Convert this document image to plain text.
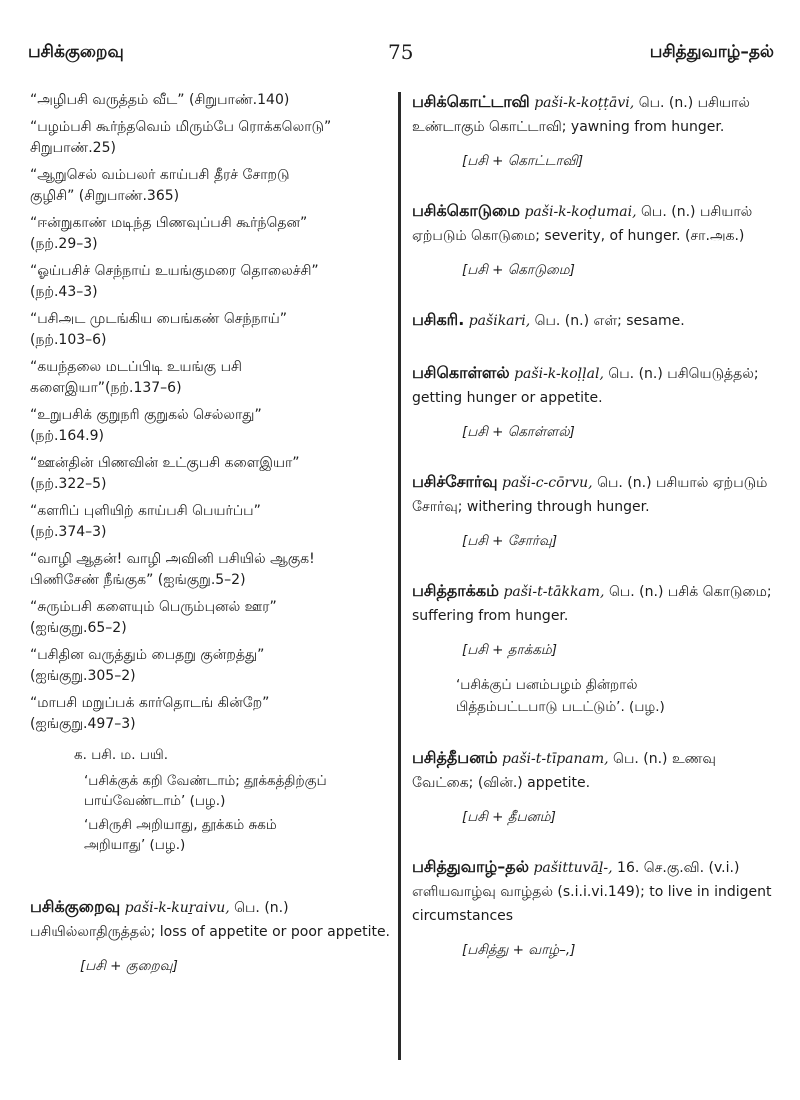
பசிக்குறைவு	75	பசித்துவாழ்–தல்
“அழிபசி வருத்தம் வீட” (சிறுபாண்.140)
“பழம்பசி கூர்ந்தவெம் மிரும்பே ரொக்கலொடு”
சிறுபாண்.25)
“ஆறுசெல் வம்பலர் காய்பசி தீரச் சோறடு
குழிசி” (சிறுபாண்.365)
“ஈன்றுகாண் மடிந்த பிணவுப்பசி கூர்ந்தென”
(நற்.29–3)
“ஓய்பசிச் செந்நாய் உயங்குமரை தொலைச்சி”
(நற்.43–3)
“பசிஅட முடங்கிய பைங்கண் செந்நாய்”
(நற்.103–6)
“கயந்தலை மடப்பிடி உயங்கு பசி
களைஇயா”(நற்.137–6)
“உறுபசிக் குறுநரி குறுகல் செல்லாது”
(நற்.164.9)
“ஊன்தின் பிணவின் உட்குபசி களைஇயா”
(நற்.322–5)
“களரிப் புளியிற் காய்பசி பெயர்ப்ப”
(நற்.374–3)
“வாழி ஆதன்! வாழி அவினி பசியில் ஆகுக!
பிணிசேண் நீங்குக” (ஐங்குறு.5–2)
“சுரும்பசி களையும் பெரும்புனல் ஊர”
(ஐங்குறு.65–2)
“பசிதின வருத்தும் பைதறு குன்றத்து”
(ஐங்குறு.305–2)
“மாபசி மறுப்பக் கார்தொடங் கின்றே”
(ஐங்குறு.497–3)
க. பசி. ம. பயி.
‘பசிக்குக் கறி வேண்டாம்; தூக்கத்திற்குப்
பாய்வேண்டாம்’ (பழ.)
‘பசிருசி அறியாது, தூக்கம் சுகம்
அறியாது’ (பழ.)
பசிக்குறைவு paši-k-kuṟaivu, பெ. (n.) பசியில்லாதிருத்தல்; loss of appetite or poor appetite.
[பசி + குறைவு]
பசிக்கொட்டாவி paši-k-koṭṭāvi, பெ. (n.) பசியால் உண்டாகும் கொட்டாவி; yawning from hunger.
[பசி + கொட்டாவி]
பசிக்கொடுமை paši-k-koḍumai, பெ. (n.) பசியால் ஏற்படும் கொடுமை; severity, of hunger. (சா.அக.)
[பசி + கொடுமை]
பசிகரி. pašikari, பெ. (n.) எள்; sesame.
பசிகொள்ளல் paši-k-koḷḷal, பெ. (n.) பசியெடுத்தல்; getting hunger or appetite.
[பசி + கொள்ளல்]
பசிச்சோர்வு paši-c-cōrvu, பெ. (n.) பசியால் ஏற்படும் சோர்வு; withering through hunger.
[பசி + சோர்வு]
பசித்தாக்கம் paši-t-tākkam, பெ. (n.) பசிக் கொடுமை; suffering from hunger.
[பசி + தாக்கம்]
‘பசிக்குப் பனம்பழம் தின்றால்
பித்தம்பட்டபாடு படட்டும்’. (பழ.)
பசித்தீபனம் paši-t-tīpanam, பெ. (n.) உணவு வேட்கை; (வின்.) appetite.
[பசி + தீபனம்]
பசித்துவாழ்–தல் pašittuvāḻ-, 16. செ.கு.வி. (v.i.) எளியவாழ்வு வாழ்தல் (s.i.i.vi.149); to live in indigent circumstances
[பசித்து + வாழ்–,]
